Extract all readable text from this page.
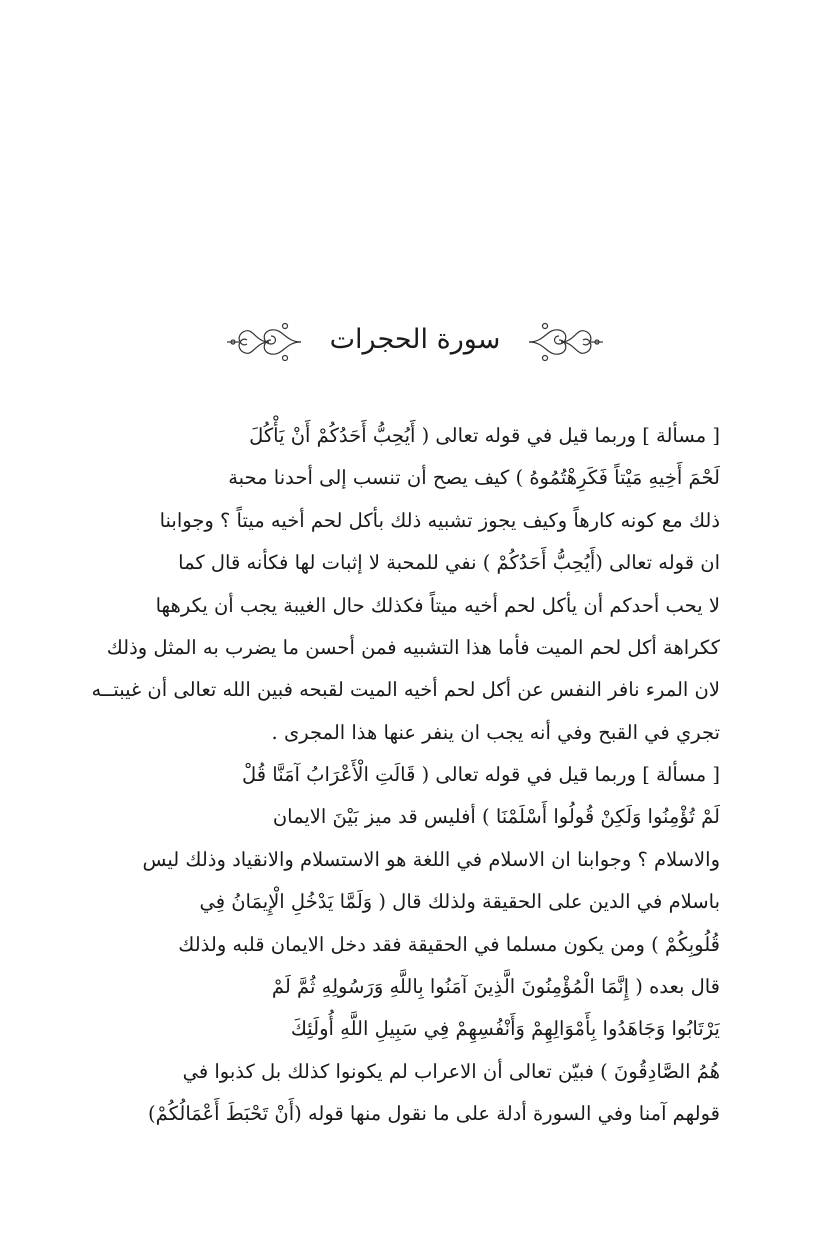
سورة الحجرات
[ مسألة ] وربما قيل في قوله تعالى ( أَيُحِبُّ أَحَدُكُمْ أَنْ يَأْكُلَ
لَحْمَ أَخِيهِ مَيْتاً فَكَرِهْتُمُوهُ ) كيف يصح أن تنسب إلى أحدنا محبة
ذلك مع كونه كارهاً وكيف يجوز تشبيه ذلك بأكل لحم أخيه ميتاً ؟ وجوابنا
ان قوله تعالى (أَيُحِبُّ أَحَدُكُمْ ) نفي للمحبة لا إثبات لها فكأنه قال كما
لا يحب أحدكم أن يأكل لحم أخيه ميتاً فكذلك حال الغيبة يجب أن يكرهها
ككراهة أكل لحم الميت فأما هذا التشبيه فمن أحسن ما يضرب به المثل وذلك
لان المرء نافر النفس عن أكل لحم أخيه الميت لقبحه فبين الله تعالى أن غيبتــه
تجري في القبح وفي أنه يجب ان ينفر عنها هذا المجرى .
[ مسألة ] وربما قيل في قوله تعالى ( قَالَتِ الْأَعْرَابُ آمَنَّا قُلْ
لَمْ تُؤْمِنُوا وَلَكِنْ قُولُوا أَسْلَمْنَا ) أفليس قد ميز بَيْنَ الايمان
والاسلام ؟ وجوابنا ان الاسلام في اللغة هو الاستسلام والانقياد وذلك ليس
باسلام في الدين على الحقيقة ولذلك قال ( وَلَمَّا يَدْخُلِ الْإِيمَانُ فِي
قُلُوبِكُمْ ) ومن يكون مسلما في الحقيقة فقد دخل الايمان قلبه ولذلك
قال بعده ( إِنَّمَا الْمُؤْمِنُونَ الَّذِينَ آمَنُوا بِاللَّهِ وَرَسُولِهِ ثُمَّ لَمْ
يَرْتَابُوا وَجَاهَدُوا بِأَمْوَالِهِمْ وَأَنْفُسِهِمْ فِي سَبِيلِ اللَّهِ أُولَئِكَ
هُمُ الصَّادِقُونَ ) فبيّن تعالى أن الاعراب لم يكونوا كذلك بل كذبوا في
قولهم آمنا وفي السورة أدلة على ما نقول منها قوله (أَنْ تَحْبَطَ أَعْمَالُكُمْ)
